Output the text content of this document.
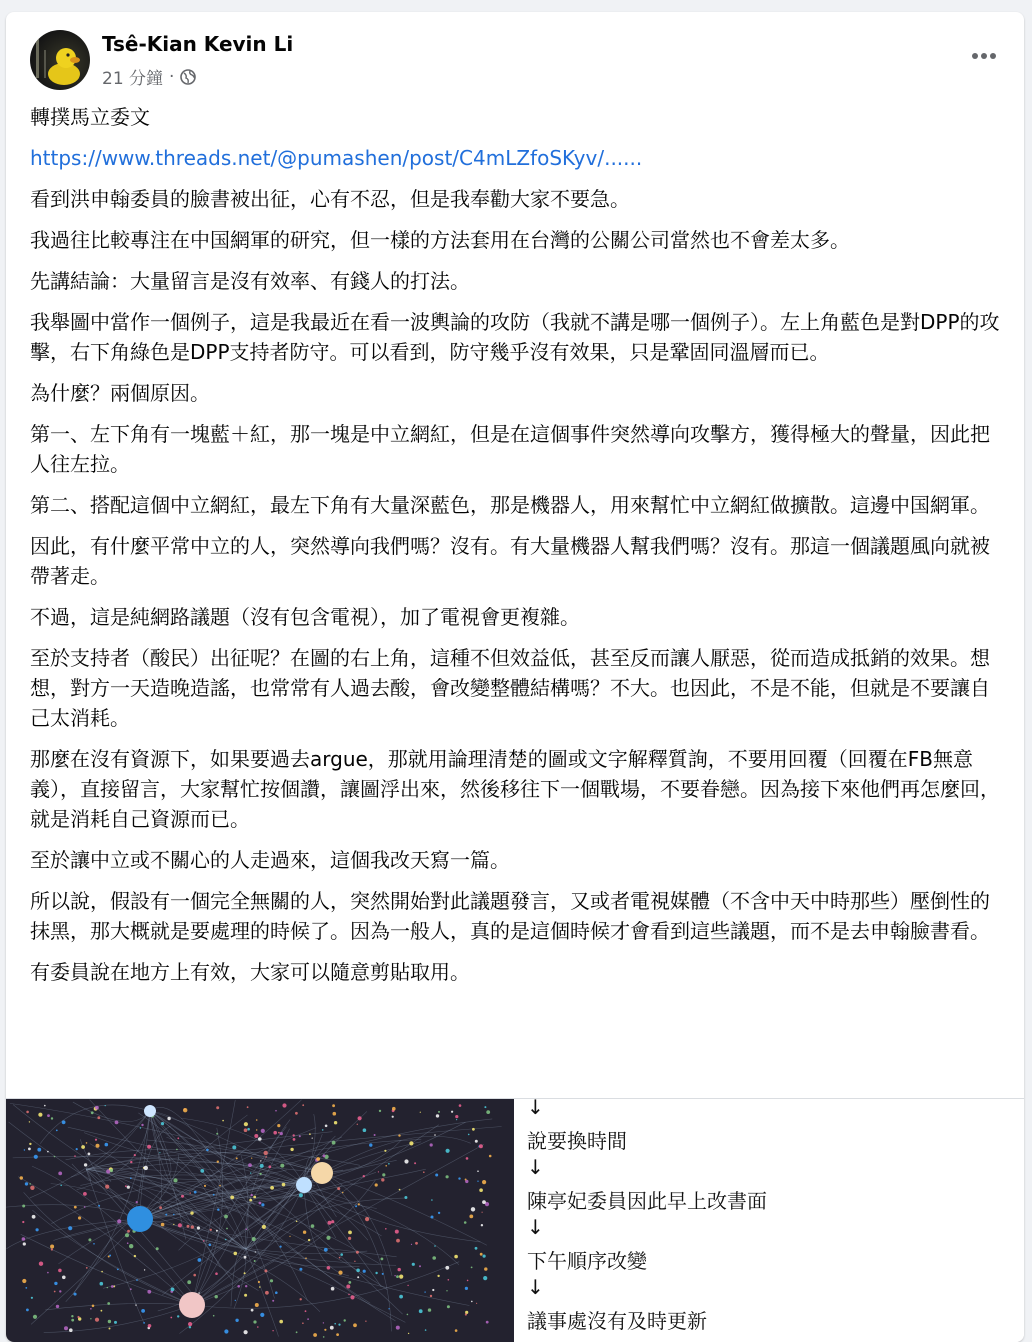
Tsê-Kian Kevin Li
21 分鐘 ·

轉撲馬立委文

https://www.threads.net/@pumashen/post/C4mLZfoSKyv/......

看到洪申翰委員的臉書被出征，心有不忍，但是我奉勸大家不要急。

我過往比較專注在中国網軍的研究，但一樣的方法套用在台灣的公關公司當然也不會差太多。

先講結論：大量留言是沒有效率、有錢人的打法。

我舉圖中當作一個例子，這是我最近在看一波輿論的攻防（我就不講是哪一個例子）。左上角藍色是對DPP的攻擊，右下角綠色是DPP支持者防守。可以看到，防守幾乎沒有效果，只是鞏固同溫層而已。

為什麼？兩個原因。

第一、左下角有一塊藍＋紅，那一塊是中立網紅，但是在這個事件突然導向攻擊方，獲得極大的聲量，因此把人往左拉。

第二、搭配這個中立網紅，最左下角有大量深藍色，那是機器人，用來幫忙中立網紅做擴散。這邊中国網軍。

因此，有什麼平常中立的人，突然導向我們嗎？沒有。有大量機器人幫我們嗎？沒有。那這一個議題風向就被帶著走。

不過，這是純網路議題（沒有包含電視），加了電視會更複雜。

至於支持者（酸民）出征呢？在圖的右上角，這種不但效益低，甚至反而讓人厭惡，從而造成抵銷的效果。想想，對方一天造晚造謠，也常常有人過去酸，會改變整體結構嗎？不大。也因此，不是不能，但就是不要讓自己太消耗。

那麼在沒有資源下，如果要過去argue，那就用論理清楚的圖或文字解釋質詢，不要用回覆（回覆在FB無意義），直接留言，大家幫忙按個讚，讓圖浮出來，然後移往下一個戰場，不要眷戀。因為接下來他們再怎麼回，就是消耗自己資源而已。

至於讓中立或不關心的人走過來，這個我改天寫一篇。

所以說，假設有一個完全無關的人，突然開始對此議題發言，又或者電視媒體（不含中天中時那些）壓倒性的抹黑，那大概就是要處理的時候了。因為一般人，真的是這個時候才會看到這些議題，而不是去申翰臉書看。

有委員說在地方上有效，大家可以隨意剪貼取用。

↓
說要換時間
↓
陳亭妃委員因此早上改書面
↓
下午順序改變
↓
議事處沒有及時更新
